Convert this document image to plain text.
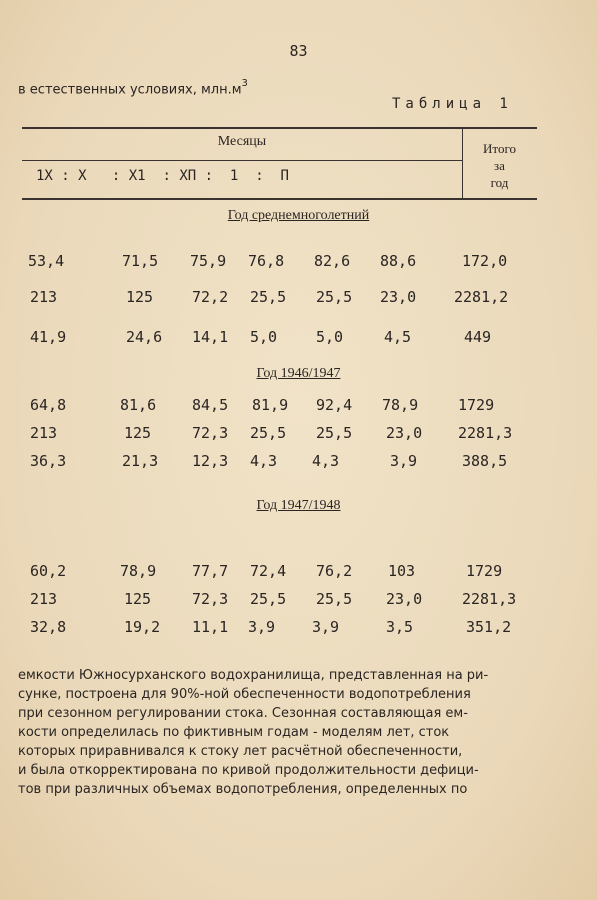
83
в естественных условиях, $млн.м^3$
Таблица 1
Месяцы
1Х : Х   : Х1  : ХП :  1  :  П
Итого
за
год
Год среднемноголетний
53,4	71,5 75,9 76,8 82,6 88,6	172,0
213	125	72,2 25,5 25,5 23,0	2281,2
41,9	24,6 14,1 5,0	5,0	4,5	449
Год 1946/1947
64,8	81,6 84,5 81,9 92,4 78,9	1729
213	125	72,3 25,5 25,5 23,0 2281,3
36,3	21,3 12,3 4,3 4,3	3,9	388,5
Год 1947/1948
60,2	78,9 77,7 72,4 76,2 103	1729
213	125	72,3 25,5 25,5 23,0	2281,3
32,8	19,2 11,1 3,9 3,9	3,5	351,2
емкости Южносурханского водохранилища, представленная на ри-
сунке, построена для 90%-ной обеспеченности водопотребления
при сезонном регулировании стока. Сезонная составляющая ем-
кости определилась по фиктивным годам - моделям лет, сток
которых приравнивался к стоку лет расчётной обеспеченности,
и была откорректирована по кривой продолжительности дефици-
тов при различных объемах водопотребления, определенных по
